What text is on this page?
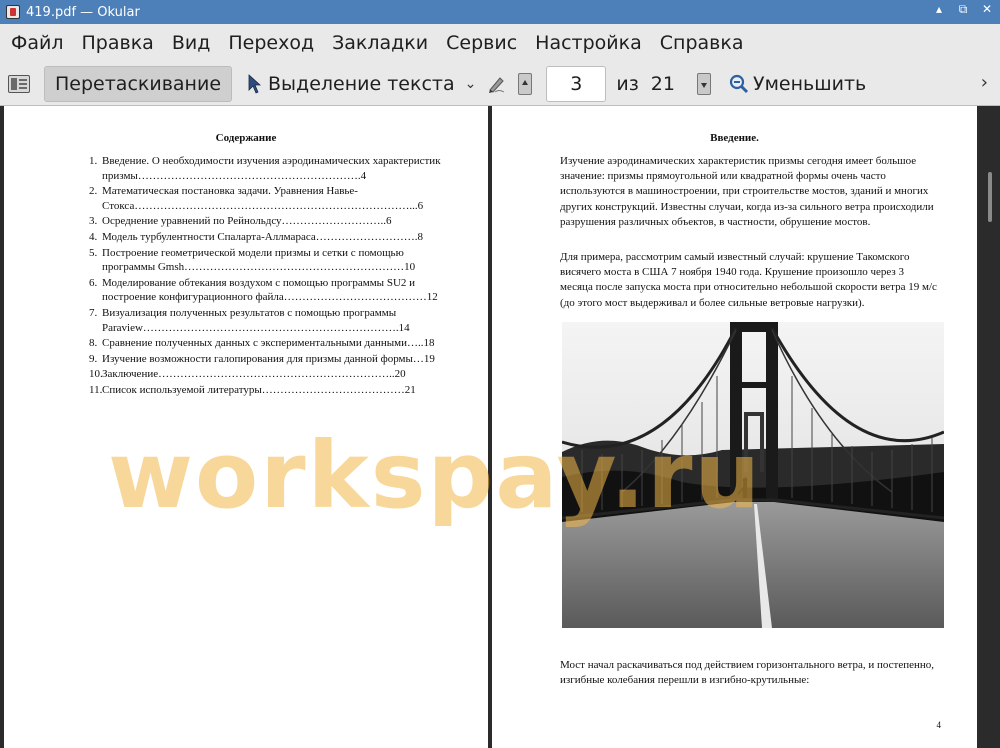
419.pdf — Okular	▴	⧉ ✕
Файл Правка Вид Переход Закладки Сервис Настройка Справка
Перетаскивание	Выделение текста ⌄	3	из 21	Уменьшить	›
Содержание
1. Введение. О необходимости изучения аэродинамических характеристик призмы…………………………………………………….4
2. Математическая постановка задачи. Уравнения Навье-Стокса…………………………………………………………………...6
3. Осреднение уравнений по Рейнольдсу………………………..6
4. Модель турбулентности Спаларта-Аллмараса……………………….8
5. Построение геометрической модели призмы и сетки с помощью программы Gmsh……………………………………………………10
6. Моделирование обтекания воздухом с помощью программы SU2 и построение конфигурационного файла…………………………………12
7. Визуализация полученных результатов с помощью программы Paraview…………………………………………………………….14
8. Сравнение полученных данных с экспериментальными данными…..18
9. Изучение возможности галопирования для призмы данной формы…19
10. Заключение………………………………………………………..20
11. Список используемой литературы…………………………………21
Введение.
Изучение аэродинамических характеристик призмы сегодня имеет большое значение: призмы прямоугольной или квадратной формы очень часто используются в машиностроении, при строительстве мостов, зданий и многих других конструкций. Известны случаи, когда из-за сильного ветра происходили разрушения различных объектов, в частности, обрушение мостов.
Для примера, рассмотрим самый известный случай: крушение Такомского висячего моста в США 7 ноября 1940 года. Крушение произошло через 3 месяца после запуска моста при относительно небольшой скорости ветра 19 м/с (до этого мост выдерживал и более сильные ветровые нагрузки).
Мост начал раскачиваться под действием горизонтального ветра, и постепенно, изгибные колебания перешли в изгибно-крутильные:
4
workspay.ru
